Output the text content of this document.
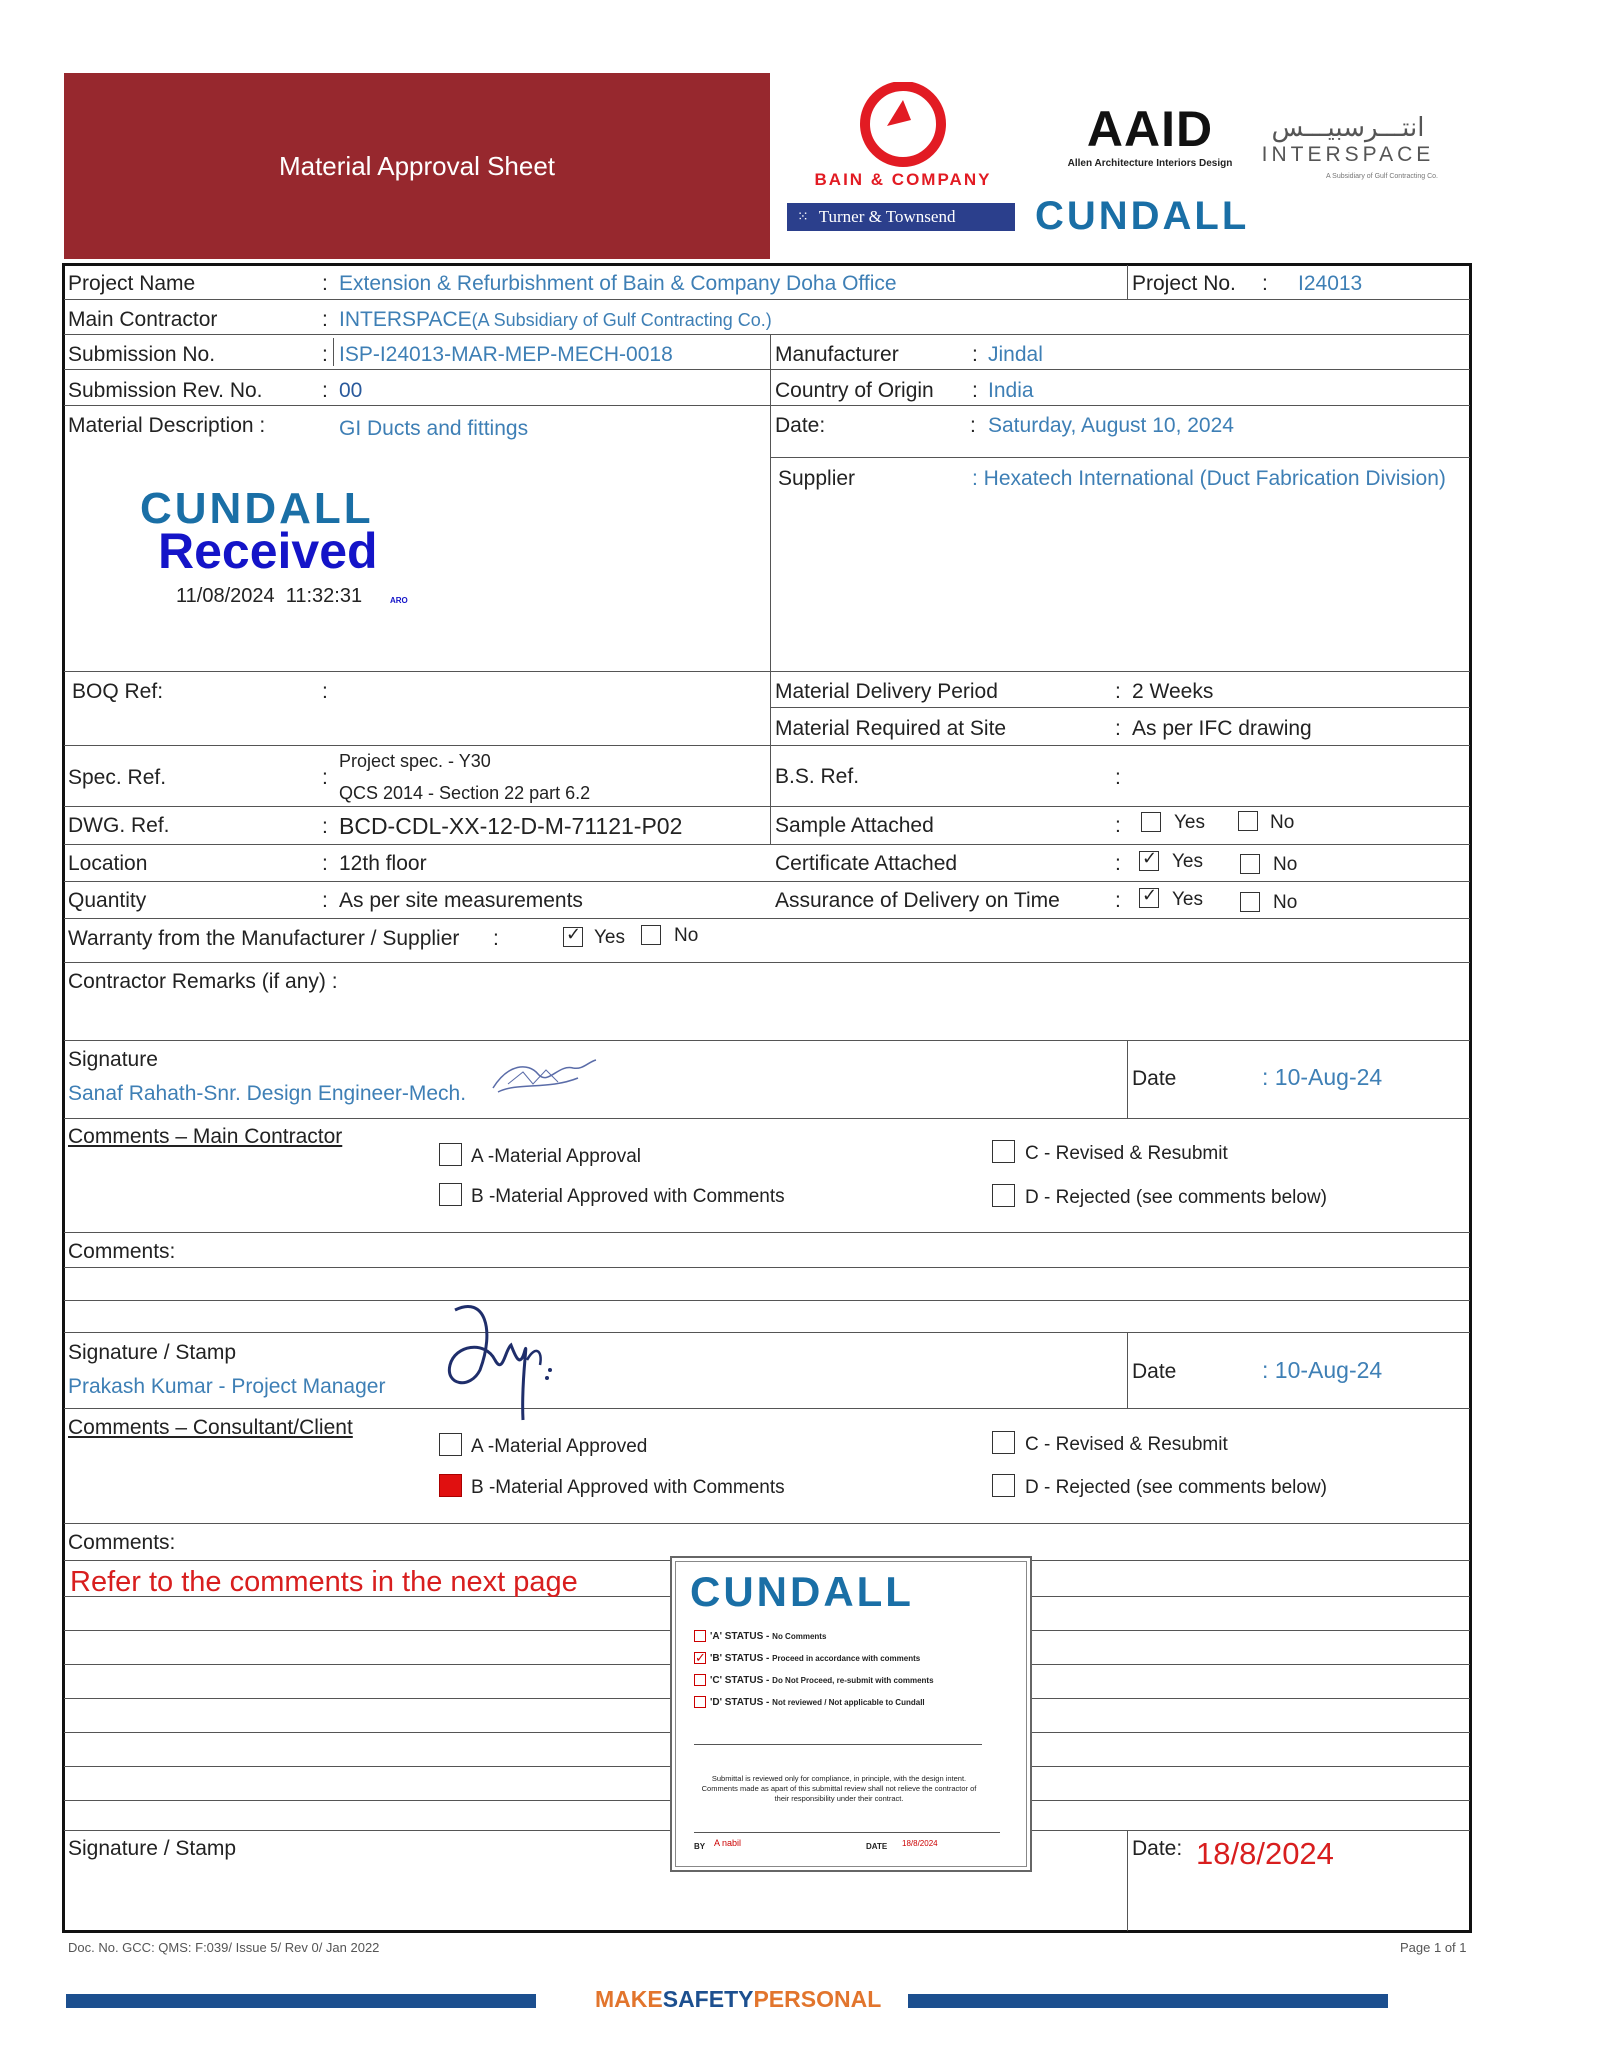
Material Approval Sheet	BAIN & COMPANY
AAID
Allen Architecture Interiors Design
انتـــرسبيـــس
INTERSPACE
A Subsidiary of Gulf Contracting Co.
⁙ Turner & Townsend CUNDALL
Project Name	: Extension & Refurbishment of Bain & Company Doha Office	Project No. : I24013
Main Contractor	: INTERSPACE(A Subsidiary of Gulf Contracting Co.)
Submission No.	: ISP-I24013-MAR-MEP-MECH-0018	Manufacturer	: Jindal
Submission Rev. No.	: 00	Country of Origin : India
Material Description :	GI Ducts and fittings	Date:	: Saturday, August 10, 2024
Supplier	: Hexatech International (Duct Fabrication Division)
CUNDALL
Received
11/08/2024  11:32:31	ARO
BOQ Ref:	:	Material Delivery Period	: 2 Weeks
Material Required at Site	: As per IFC drawing
Spec. Ref.	:
Project spec. - Y30
QCS 2014 - Section 22 part 6.2
B.S. Ref.	:
DWG. Ref.	: BCD-CDL-XX-12-D-M-71121-P02	Sample Attached	:	Yes	No
Location	: 12th floor	Certificate Attached	: ✓	Yes	No
Quantity	: As per site measurements	Assurance of Delivery on Time	: ✓	Yes	No
Warranty from the Manufacturer / Supplier : ✓	Yes	No
Contractor Remarks (if any) :
Signature
Sanaf Rahath-Snr. Design Engineer-Mech.
Date	: 10-Aug-24
Comments – Main Contractor
A -Material Approval
B -Material Approved with Comments
C - Revised & Resubmit
D - Rejected (see comments below)
Comments:
Signature / Stamp
Prakash Kumar - Project Manager
Date	: 10-Aug-24
Comments – Consultant/Client
A -Material Approved
B -Material Approved with Comments
C - Revised & Resubmit
D - Rejected (see comments below)
Comments:
Refer to the comments in the next page	CUNDALL
'A' STATUS - No Comments
✓ 'B' STATUS - Proceed in accordance with comments
'C' STATUS - Do Not Proceed, re-submit with comments
'D' STATUS - Not reviewed / Not applicable to Cundall
Submittal is reviewed only for compliance, in principle, with the design intent. Comments made as apart of this submittal review shall not relieve the contractor of their responsibility under their contract.
BY A nabil	DATE 18/8/2024
Signature / Stamp	Date: 18/8/2024
Doc. No. GCC: QMS: F:039/ Issue 5/ Rev 0/ Jan 2022	Page 1 of 1
MAKESAFETYPERSONAL
